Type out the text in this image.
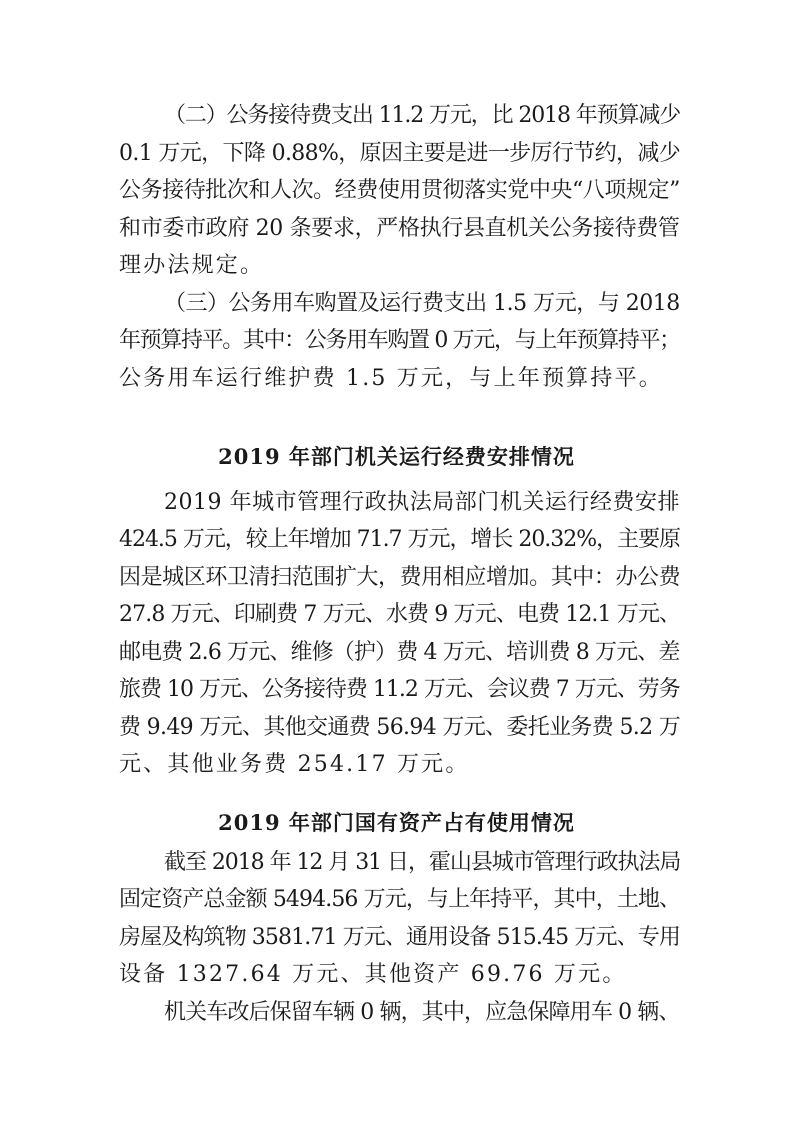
（二）公务接待费支出 11.2 万元，比 2018 年预算减少
0.1 万元，下降 0.88%，原因主要是进一步厉行节约，减少
公务接待批次和人次。经费使用贯彻落实党中央“八项规定”
和市委市政府 20 条要求，严格执行县直机关公务接待费管
理办法规定。
（三）公务用车购置及运行费支出 1.5 万元，与 2018
年预算持平。其中：公务用车购置 0 万元，与上年预算持平；
公务用车运行维护费 1.5 万元，与上年预算持平。
2019 年部门机关运行经费安排情况
2019 年城市管理行政执法局部门机关运行经费安排
424.5 万元，较上年增加 71.7 万元，增长 20.32%，主要原
因是城区环卫清扫范围扩大，费用相应增加。其中：办公费
27.8 万元、印刷费 7 万元、水费 9 万元、电费 12.1 万元、
邮电费 2.6 万元、维修（护）费 4 万元、培训费 8 万元、差
旅费 10 万元、公务接待费 11.2 万元、会议费 7 万元、劳务
费 9.49 万元、其他交通费 56.94 万元、委托业务费 5.2 万
元、其他业务费 254.17 万元。
2019 年部门国有资产占有使用情况
截至 2018 年 12 月 31 日，霍山县城市管理行政执法局
固定资产总金额 5494.56 万元，与上年持平，其中，土地、
房屋及构筑物 3581.71 万元、通用设备 515.45 万元、专用
设备 1327.64 万元、其他资产 69.76 万元。
机关车改后保留车辆 0 辆，其中，应急保障用车 0 辆、
